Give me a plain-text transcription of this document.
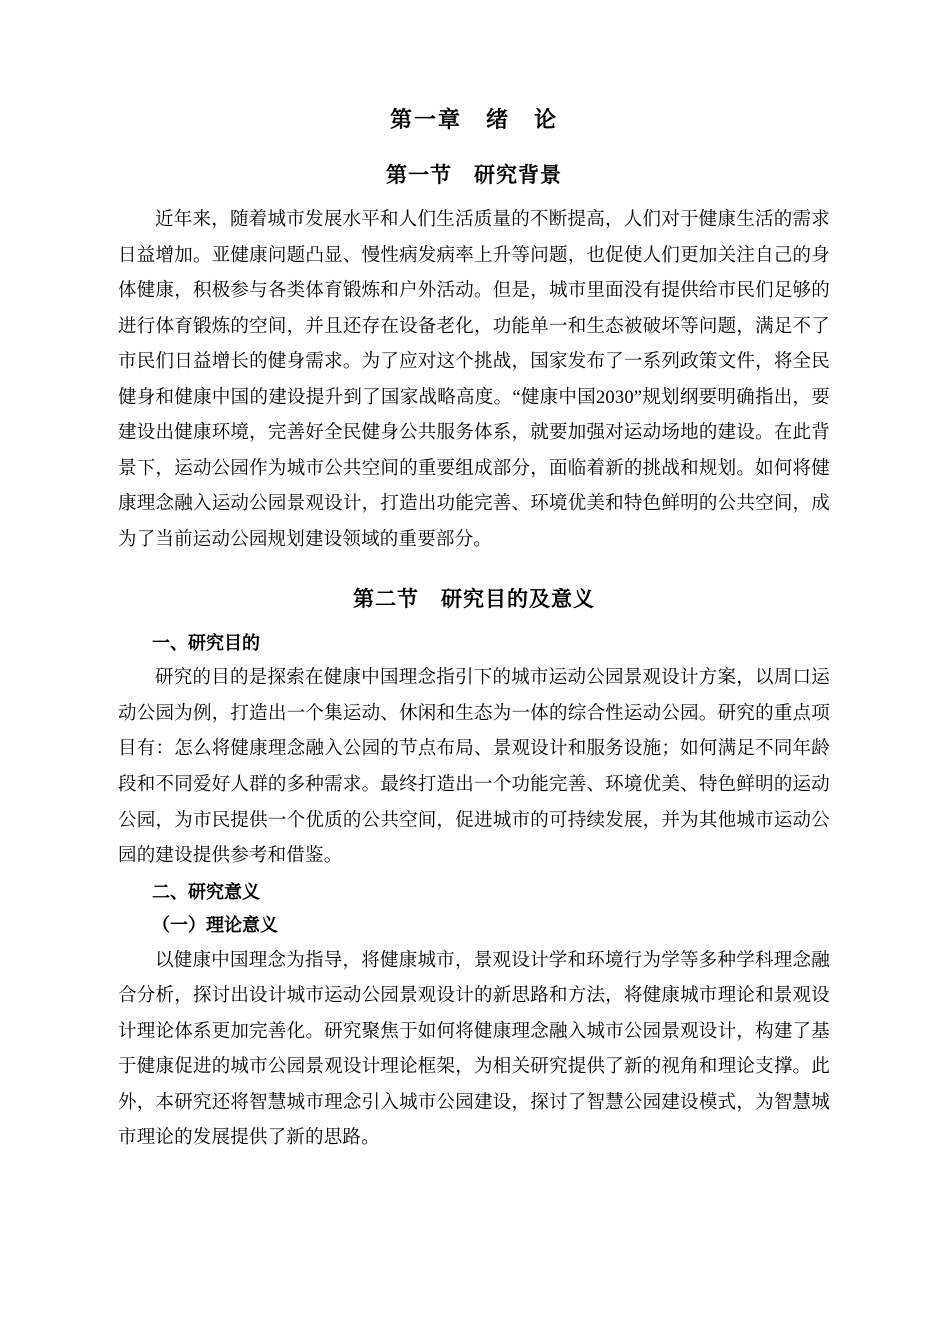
第一章　绪　论
第一节　研究背景

近年来，随着城市发展水平和人们生活质量的不断提高，人们对于健康生活的需求日益增加。亚健康问题凸显、慢性病发病率上升等问题，也促使人们更加关注自己的身体健康，积极参与各类体育锻炼和户外活动。但是，城市里面没有提供给市民们足够的进行体育锻炼的空间，并且还存在设备老化，功能单一和生态被破坏等问题，满足不了市民们日益增长的健身需求。为了应对这个挑战，国家发布了一系列政策文件，将全民健身和健康中国的建设提升到了国家战略高度。“健康中国2030”规划纲要明确指出，要建设出健康环境，完善好全民健身公共服务体系，就要加强对运动场地的建设。在此背景下，运动公园作为城市公共空间的重要组成部分，面临着新的挑战和规划。如何将健康理念融入运动公园景观设计，打造出功能完善、环境优美和特色鲜明的公共空间，成为了当前运动公园规划建设领域的重要部分。

第二节　研究目的及意义
一、研究目的

研究的目的是探索在健康中国理念指引下的城市运动公园景观设计方案，以周口运动公园为例，打造出一个集运动、休闲和生态为一体的综合性运动公园。研究的重点项目有：怎么将健康理念融入公园的节点布局、景观设计和服务设施；如何满足不同年龄段和不同爱好人群的多种需求。最终打造出一个功能完善、环境优美、特色鲜明的运动公园，为市民提供一个优质的公共空间，促进城市的可持续发展，并为其他城市运动公园的建设提供参考和借鉴。

二、研究意义
（一）理论意义

以健康中国理念为指导，将健康城市，景观设计学和环境行为学等多种学科理念融合分析，探讨出设计城市运动公园景观设计的新思路和方法，将健康城市理论和景观设计理论体系更加完善化。研究聚焦于如何将健康理念融入城市公园景观设计，构建了基于健康促进的城市公园景观设计理论框架，为相关研究提供了新的视角和理论支撑。此外，本研究还将智慧城市理念引入城市公园建设，探讨了智慧公园建设模式，为智慧城市理论的发展提供了新的思路。
